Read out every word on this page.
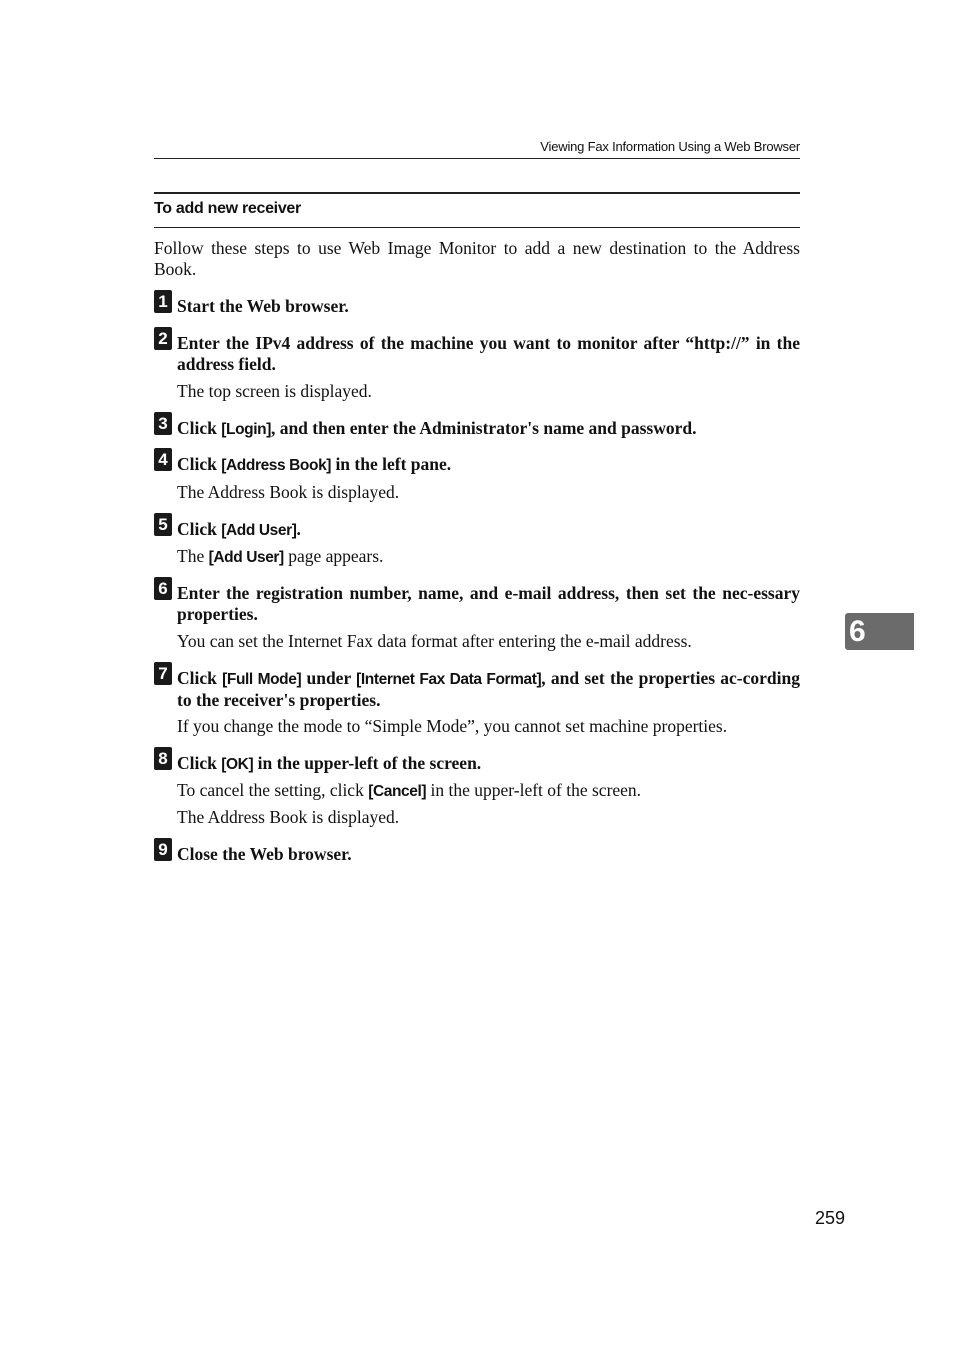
Viewing Fax Information Using a Web Browser
To add new receiver
Follow these steps to use Web Image Monitor to add a new destination to the Address Book.
1 Start the Web browser.
2 Enter the IPv4 address of the machine you want to monitor after “http://” in the address field.
The top screen is displayed.
3 Click [Login], and then enter the Administrator's name and password.
4 Click [Address Book] in the left pane.
The Address Book is displayed.
5 Click [Add User].
The [Add User] page appears.
6 Enter the registration number, name, and e-mail address, then set the nec-essary properties.
You can set the Internet Fax data format after entering the e-mail address.
7 Click [Full Mode] under [Internet Fax Data Format], and set the properties ac-cording to the receiver's properties.
If you change the mode to “Simple Mode”, you cannot set machine properties.
8 Click [OK] in the upper-left of the screen.
To cancel the setting, click [Cancel] in the upper-left of the screen.
The Address Book is displayed.
9 Close the Web browser.
6
259
